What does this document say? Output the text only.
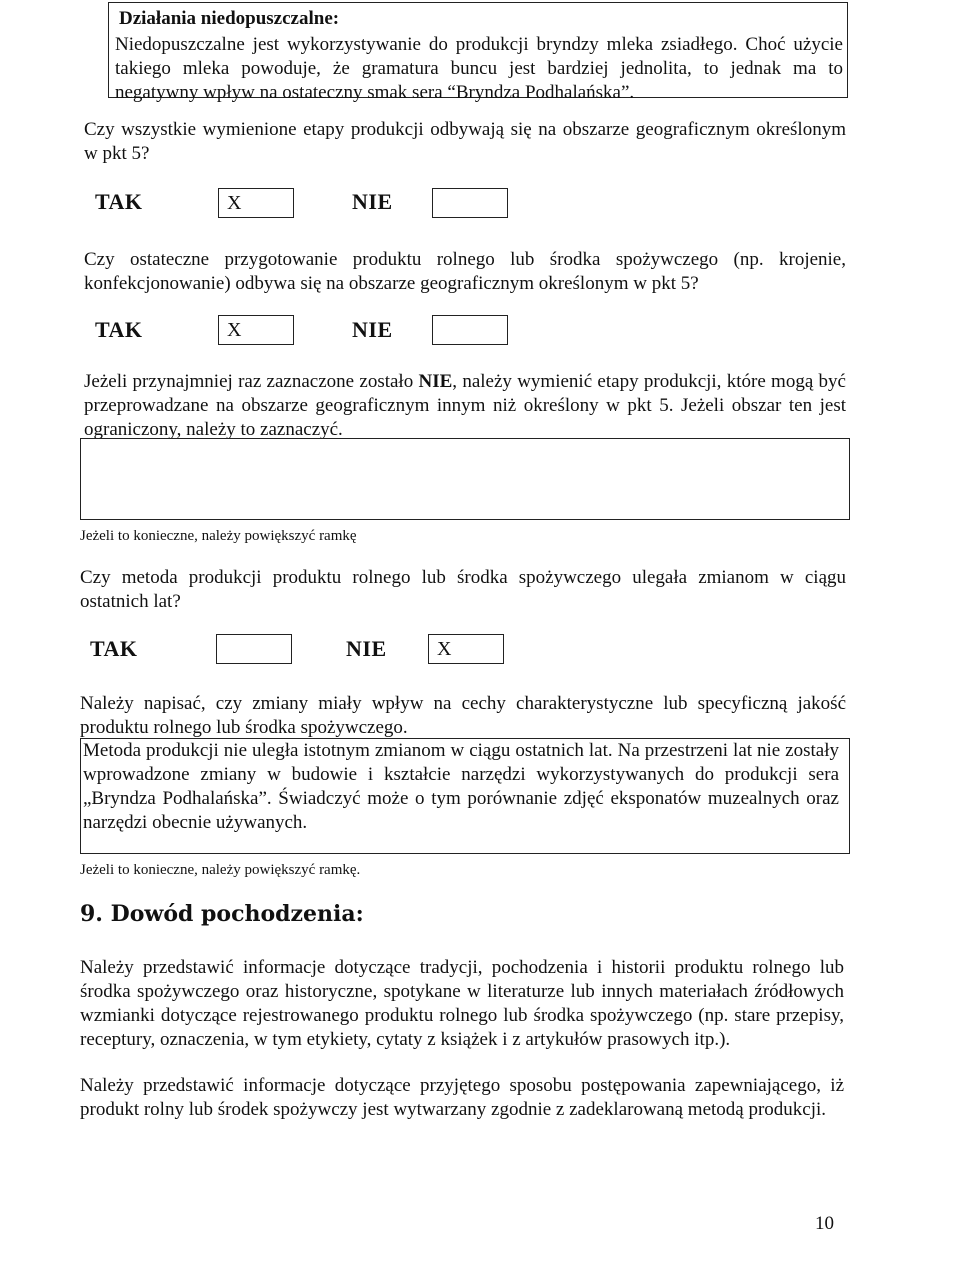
Działania niedopuszczalne:
Niedopuszczalne jest wykorzystywanie do produkcji bryndzy mleka zsiadłego. Choć użycie takiego mleka powoduje, że gramatura buncu jest bardziej jednolita, to jednak ma to negatywny wpływ na ostateczny smak sera “Bryndza Podhalańska”.
Czy wszystkie wymienione etapy produkcji odbywają się na obszarze geograficznym określonym w pkt 5?
TAK	X	NIE
Czy ostateczne przygotowanie produktu rolnego lub środka spożywczego (np. krojenie, konfekcjonowanie) odbywa się na obszarze geograficznym określonym w pkt 5?
TAK	X	NIE
Jeżeli przynajmniej raz zaznaczone zostało NIE, należy wymienić etapy produkcji, które mogą być przeprowadzane na obszarze geograficznym innym niż określony w pkt 5. Jeżeli obszar ten jest ograniczony, należy to zaznaczyć.
Jeżeli to konieczne, należy powiększyć ramkę
Czy metoda produkcji produktu rolnego lub środka spożywczego ulegała zmianom w ciągu ostatnich lat?
TAK	NIE	X
Należy napisać, czy zmiany miały wpływ na cechy charakterystyczne lub specyficzną jakość produktu rolnego lub środka spożywczego.
Metoda produkcji nie uległa istotnym zmianom w ciągu ostatnich lat. Na przestrzeni lat nie zostały wprowadzone zmiany w budowie i kształcie narzędzi wykorzystywanych do produkcji sera „Bryndza Podhalańska”. Świadczyć może o tym porównanie zdjęć eksponatów muzealnych oraz narzędzi obecnie używanych.
Jeżeli to konieczne, należy powiększyć ramkę.
9. Dowód pochodzenia:
Należy przedstawić informacje dotyczące tradycji, pochodzenia i historii produktu rolnego lub środka spożywczego oraz historyczne, spotykane w literaturze lub innych materiałach źródłowych wzmianki dotyczące rejestrowanego produktu rolnego lub środka spożywczego (np. stare przepisy, receptury, oznaczenia, w tym etykiety, cytaty z książek i z artykułów prasowych itp.).
Należy przedstawić informacje dotyczące przyjętego sposobu postępowania zapewniającego, iż produkt rolny lub środek spożywczy jest wytwarzany zgodnie z zadeklarowaną metodą produkcji.
10
